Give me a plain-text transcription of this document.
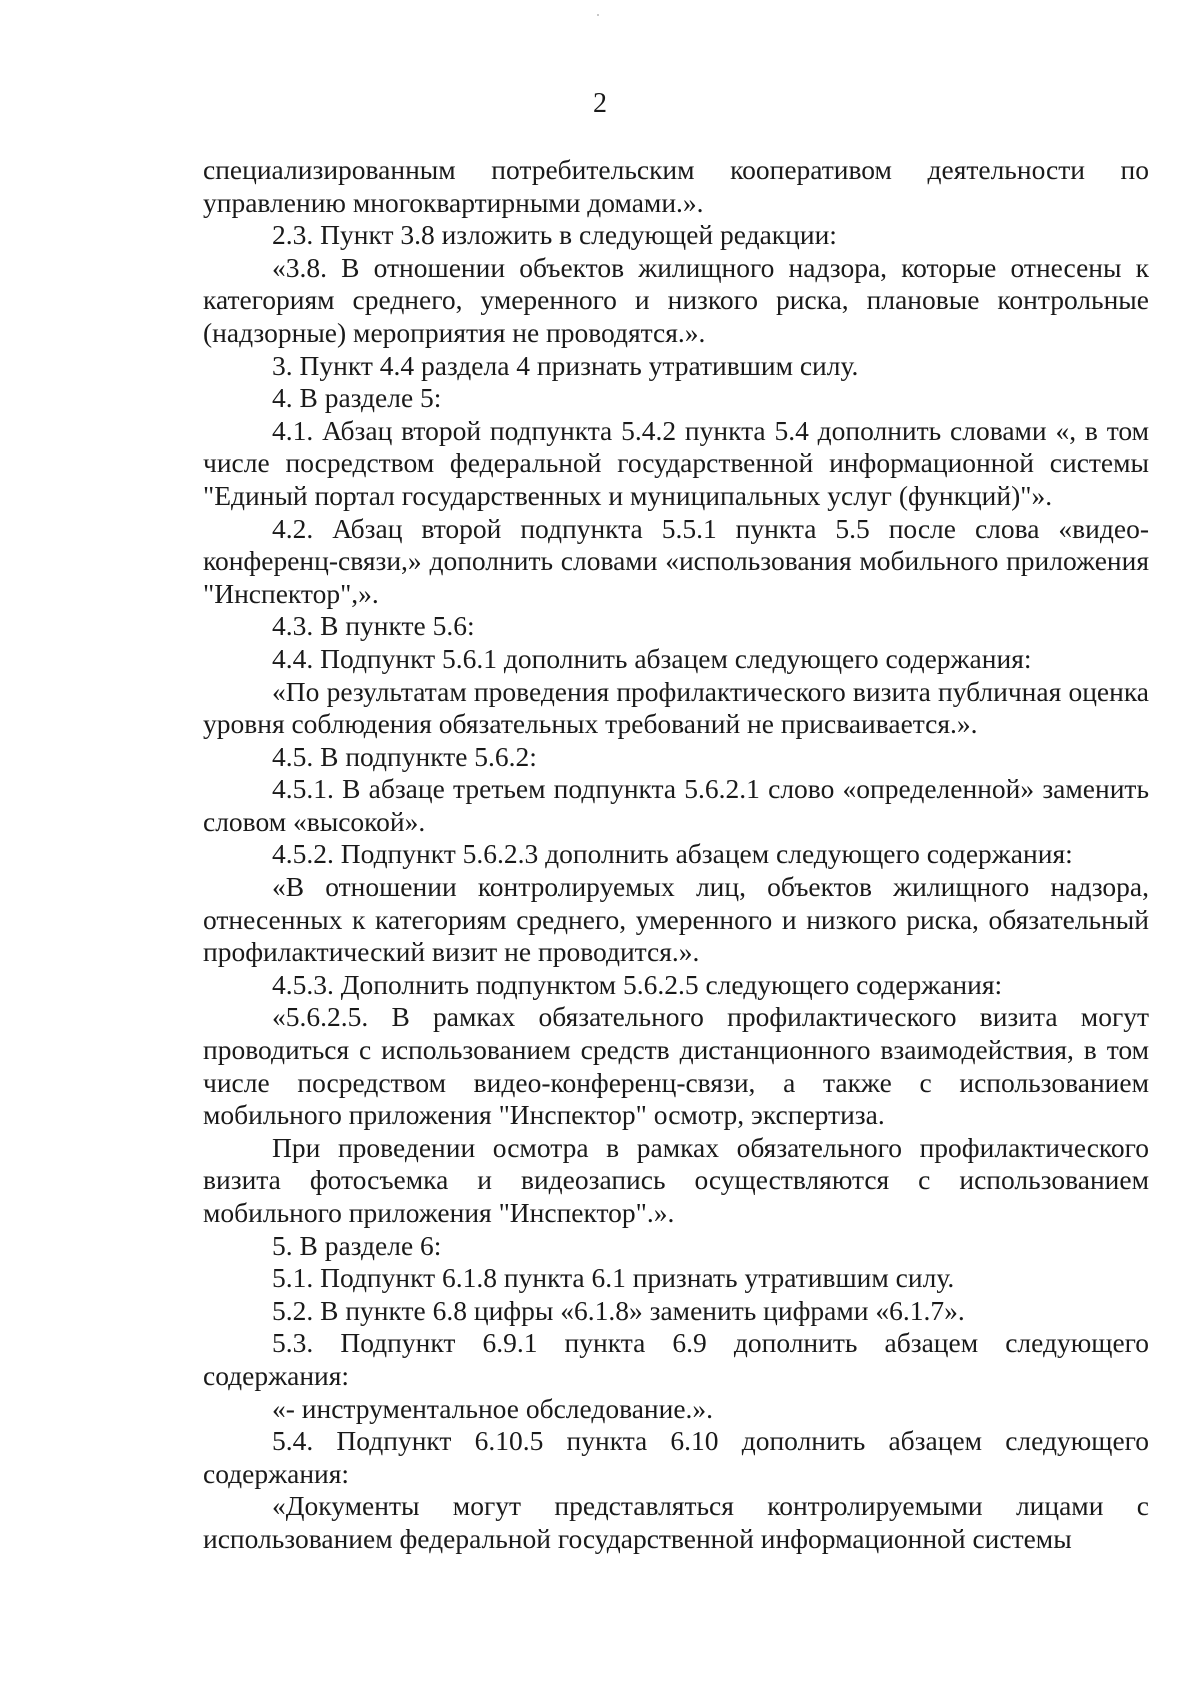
2

специализированным потребительским кооперативом деятельности по управлению многоквартирными домами.».

2.3. Пункт 3.8 изложить в следующей редакции:

«3.8. В отношении объектов жилищного надзора, которые отнесены к категориям среднего, умеренного и низкого риска, плановые контрольные (надзорные) мероприятия не проводятся.».

3. Пункт 4.4 раздела 4 признать утратившим силу.

4. В разделе 5:

4.1. Абзац второй подпункта 5.4.2 пункта 5.4 дополнить словами «, в том числе посредством федеральной государственной информационной системы "Единый портал государственных и муниципальных услуг (функций)"».

4.2. Абзац второй подпункта 5.5.1 пункта 5.5 после слова «видео-конференц-связи,» дополнить словами «использования мобильного приложения "Инспектор",».

4.3. В пункте 5.6:

4.4. Подпункт 5.6.1 дополнить абзацем следующего содержания:

«По результатам проведения профилактического визита публичная оценка уровня соблюдения обязательных требований не присваивается.».

4.5. В подпункте 5.6.2:

4.5.1. В абзаце третьем подпункта 5.6.2.1 слово «определенной» заменить словом «высокой».

4.5.2. Подпункт 5.6.2.3 дополнить абзацем следующего содержания:

«В отношении контролируемых лиц, объектов жилищного надзора, отнесенных к категориям среднего, умеренного и низкого риска, обязательный профилактический визит не проводится.».

4.5.3. Дополнить подпунктом 5.6.2.5 следующего содержания:

«5.6.2.5. В рамках обязательного профилактического визита могут проводиться с использованием средств дистанционного взаимодействия, в том числе посредством видео-конференц-связи, а также с использованием мобильного приложения "Инспектор" осмотр, экспертиза.

При проведении осмотра в рамках обязательного профилактического визита фотосъемка и видеозапись осуществляются с использованием мобильного приложения "Инспектор".».

5. В разделе 6:

5.1. Подпункт 6.1.8 пункта 6.1 признать утратившим силу.

5.2. В пункте 6.8 цифры «6.1.8» заменить цифрами «6.1.7».

5.3. Подпункт 6.9.1 пункта 6.9 дополнить абзацем следующего содержания:

«- инструментальное обследование.».

5.4. Подпункт 6.10.5 пункта 6.10 дополнить абзацем следующего содержания:

«Документы могут представляться контролируемыми лицами с использованием федеральной государственной информационной системы
